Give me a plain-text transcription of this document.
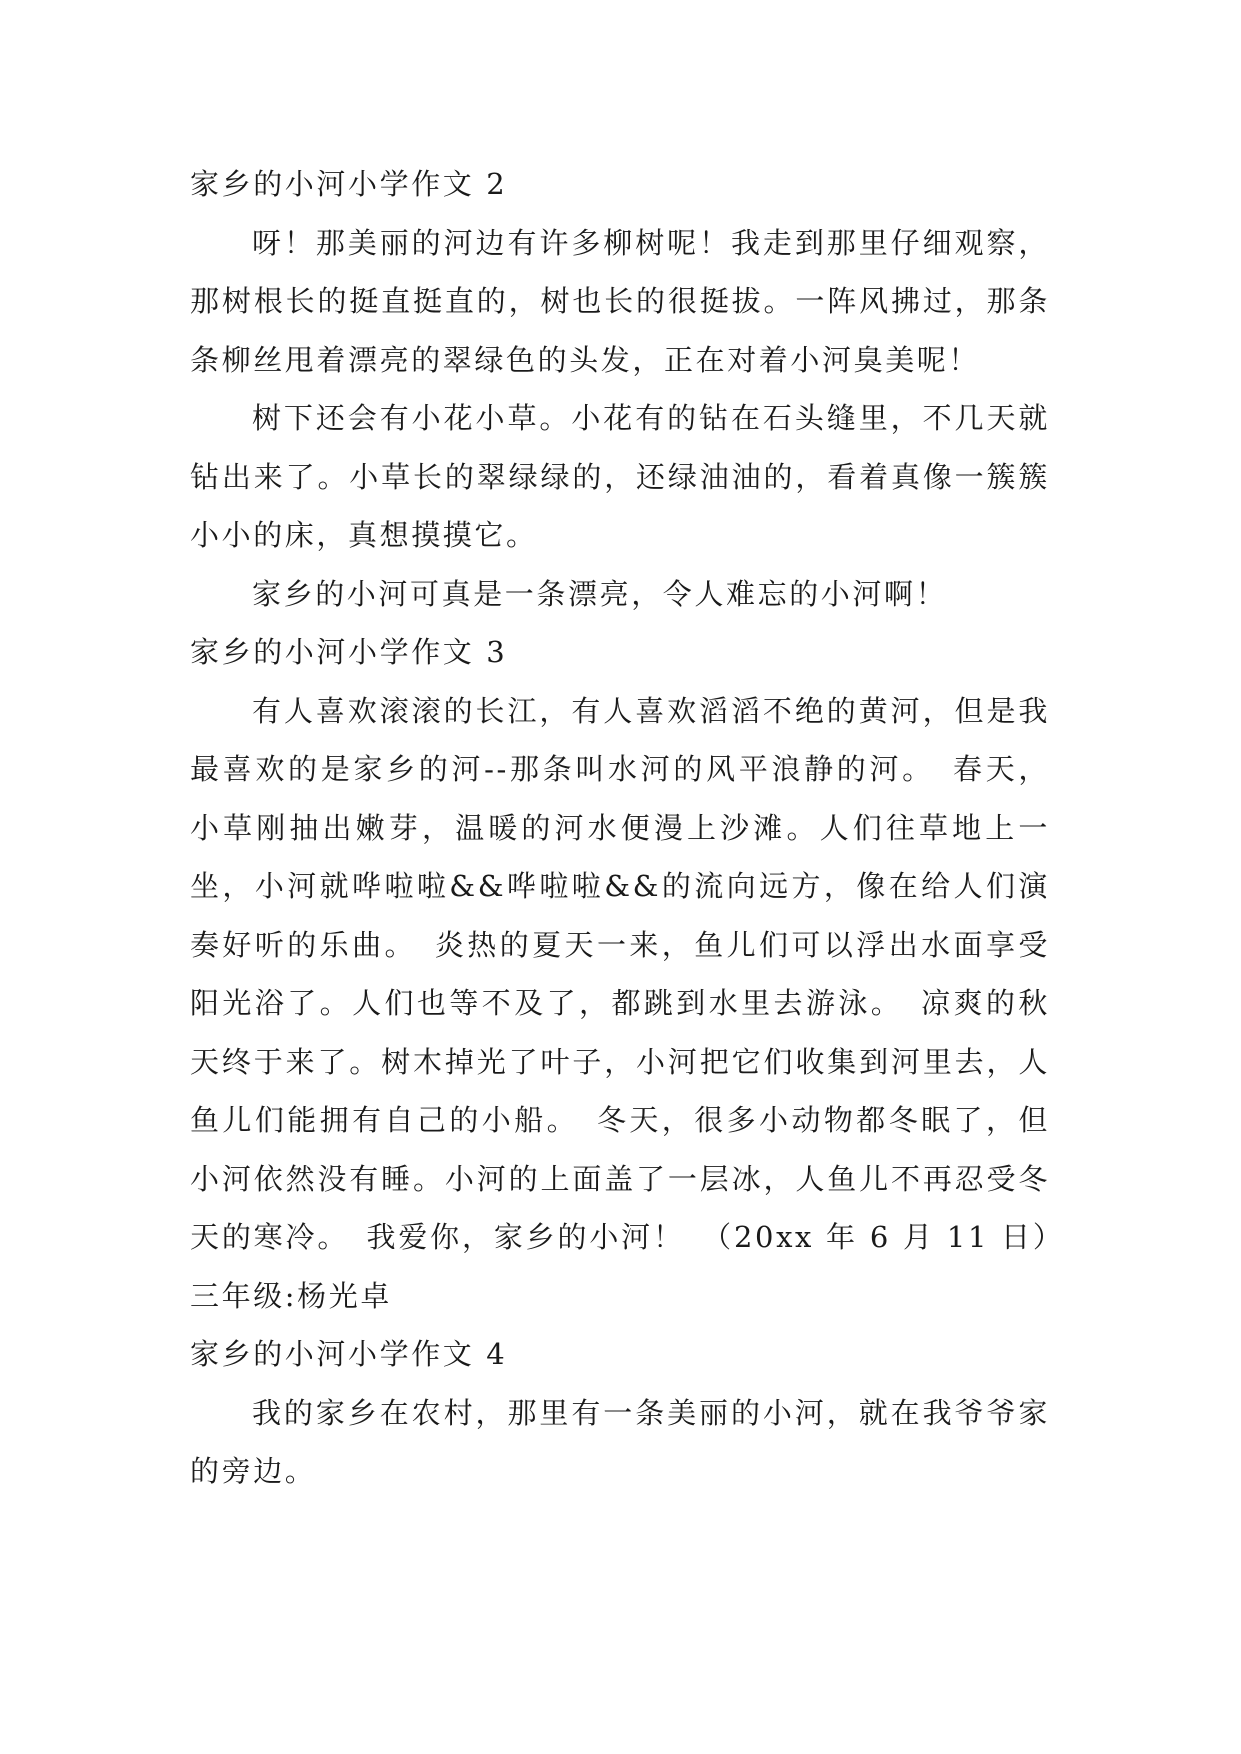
家乡的小河小学作文 2

呀！那美丽的河边有许多柳树呢！我走到那里仔细观察，那树根长的挺直挺直的，树也长的很挺拔。一阵风拂过，那条条柳丝甩着漂亮的翠绿色的头发，正在对着小河臭美呢！

树下还会有小花小草。小花有的钻在石头缝里，不几天就钻出来了。小草长的翠绿绿的，还绿油油的，看着真像一簇簇小小的床，真想摸摸它。

家乡的小河可真是一条漂亮，令人难忘的小河啊！

家乡的小河小学作文 3

有人喜欢滚滚的长江，有人喜欢滔滔不绝的黄河，但是我最喜欢的是家乡的河--那条叫水河的风平浪静的河。　春天，小草刚抽出嫩芽，温暖的河水便漫上沙滩。人们往草地上一坐，小河就哗啦啦&&哗啦啦&&的流向远方，像在给人们演奏好听的乐曲。　炎热的夏天一来，鱼儿们可以浮出水面享受阳光浴了。人们也等不及了，都跳到水里去游泳。　凉爽的秋天终于来了。树木掉光了叶子，小河把它们收集到河里去，人鱼儿们能拥有自己的小船。　冬天，很多小动物都冬眠了，但小河依然没有睡。小河的上面盖了一层冰，人鱼儿不再忍受冬天的寒冷。　我爱你，家乡的小河！　（20xx 年 6 月 11 日）三年级:杨光卓

家乡的小河小学作文 4

我的家乡在农村，那里有一条美丽的小河，就在我爷爷家的旁边。
